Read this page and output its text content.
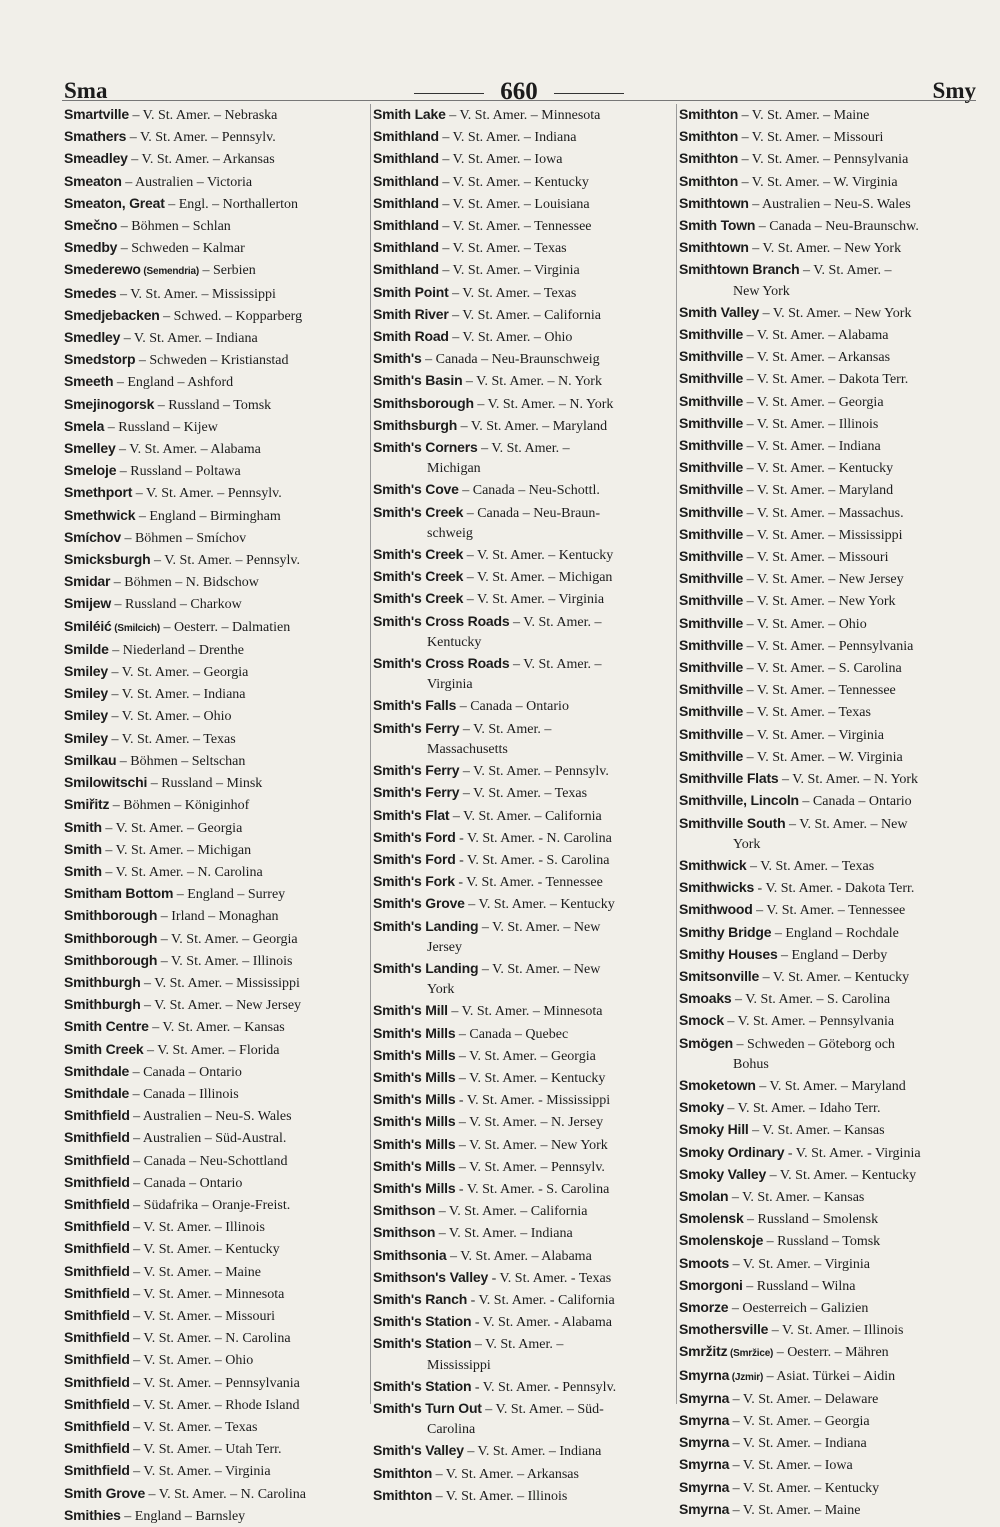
Sma	660	Smy
Smartville – V. St. Amer. – Nebraska
Smathers – V. St. Amer. – Pennsylv.
Smeadley – V. St. Amer. – Arkansas
Smeaton – Australien – Victoria
Smeaton, Great – Engl. – Northallerton
Smečno – Böhmen – Schlan
Smedby – Schweden – Kalmar
Smederewo (Semendria) – Serbien
Smedes – V. St. Amer. – Mississippi
Smedjebacken – Schwed. – Kopparberg
Smedley – V. St. Amer. – Indiana
Smedstorp – Schweden – Kristianstad
Smeeth – England – Ashford
Smejinogorsk – Russland – Tomsk
Smela – Russland – Kijew
Smelley – V. St. Amer. – Alabama
Smeloje – Russland – Poltawa
Smethport – V. St. Amer. – Pennsylv.
Smethwick – England – Birmingham
Smíchov – Böhmen – Smíchov
Smicksburgh – V. St. Amer. – Pennsylv.
Smidar – Böhmen – N. Bidschow
Smijew – Russland – Charkow
Smiléić (Smilcich) – Oesterr. – Dalmatien
Smilde – Niederland – Drenthe
Smiley – V. St. Amer. – Georgia
Smiley – V. St. Amer. – Indiana
Smiley – V. St. Amer. – Ohio
Smiley – V. St. Amer. – Texas
Smilkau – Böhmen – Seltschan
Smilowitschi – Russland – Minsk
Smiřitz – Böhmen – Königinhof
Smith – V. St. Amer. – Georgia
Smith – V. St. Amer. – Michigan
Smith – V. St. Amer. – N. Carolina
Smitham Bottom – England – Surrey
Smithborough – Irland – Monaghan
Smithborough – V. St. Amer. – Georgia
Smithborough – V. St. Amer. – Illinois
Smithburgh – V. St. Amer. – Mississippi
Smithburgh – V. St. Amer. – New Jersey
Smith Centre – V. St. Amer. – Kansas
Smith Creek – V. St. Amer. – Florida
Smithdale – Canada – Ontario
Smithdale – Canada – Illinois
Smithfield – Australien – Neu-S. Wales
Smithfield – Australien – Süd-Austral.
Smithfield – Canada – Neu-Schottland
Smithfield – Canada – Ontario
Smithfield – Südafrika – Oranje-Freist.
Smithfield – V. St. Amer. – Illinois
Smithfield – V. St. Amer. – Kentucky
Smithfield – V. St. Amer. – Maine
Smithfield – V. St. Amer. – Minnesota
Smithfield – V. St. Amer. – Missouri
Smithfield – V. St. Amer. – N. Carolina
Smithfield – V. St. Amer. – Ohio
Smithfield – V. St. Amer. – Pennsylvania
Smithfield – V. St. Amer. – Rhode Island
Smithfield – V. St. Amer. – Texas
Smithfield – V. St. Amer. – Utah Terr.
Smithfield – V. St. Amer. – Virginia
Smith Grove – V. St. Amer. – N. Carolina
Smithies – England – Barnsley
Smith Lake – V. St. Amer. – Minnesota
Smithland – V. St. Amer. – Indiana
Smithland – V. St. Amer. – Iowa
Smithland – V. St. Amer. – Kentucky
Smithland – V. St. Amer. – Louisiana
Smithland – V. St. Amer. – Tennessee
Smithland – V. St. Amer. – Texas
Smithland – V. St. Amer. – Virginia
Smith Point – V. St. Amer. – Texas
Smith River – V. St. Amer. – California
Smith Road – V. St. Amer. – Ohio
Smith's – Canada – Neu-Braunschweig
Smith's Basin – V. St. Amer. – N. York
Smithsborough – V. St. Amer. – N. York
Smithsburgh – V. St. Amer. – Maryland
Smith's Corners – V. St. Amer. –
Michigan
Smith's Cove – Canada – Neu-Schottl.
Smith's Creek – Canada – Neu-Braun-
schweig
Smith's Creek – V. St. Amer. – Kentucky
Smith's Creek – V. St. Amer. – Michigan
Smith's Creek – V. St. Amer. – Virginia
Smith's Cross Roads – V. St. Amer. –
Kentucky
Smith's Cross Roads – V. St. Amer. –
Virginia
Smith's Falls – Canada – Ontario
Smith's Ferry – V. St. Amer. –
Massachusetts
Smith's Ferry – V. St. Amer. – Pennsylv.
Smith's Ferry – V. St. Amer. – Texas
Smith's Flat – V. St. Amer. – California
Smith's Ford - V. St. Amer. - N. Carolina
Smith's Ford - V. St. Amer. - S. Carolina
Smith's Fork - V. St. Amer. - Tennessee
Smith's Grove – V. St. Amer. – Kentucky
Smith's Landing – V. St. Amer. – New
Jersey
Smith's Landing – V. St. Amer. – New
York
Smith's Mill – V. St. Amer. – Minnesota
Smith's Mills – Canada – Quebec
Smith's Mills – V. St. Amer. – Georgia
Smith's Mills – V. St. Amer. – Kentucky
Smith's Mills - V. St. Amer. - Mississippi
Smith's Mills – V. St. Amer. – N. Jersey
Smith's Mills – V. St. Amer. – New York
Smith's Mills – V. St. Amer. – Pennsylv.
Smith's Mills - V. St. Amer. - S. Carolina
Smithson – V. St. Amer. – California
Smithson – V. St. Amer. – Indiana
Smithsonia – V. St. Amer. – Alabama
Smithson's Valley - V. St. Amer. - Texas
Smith's Ranch - V. St. Amer. - California
Smith's Station - V. St. Amer. - Alabama
Smith's Station – V. St. Amer. –
Mississippi
Smith's Station - V. St. Amer. - Pennsylv.
Smith's Turn Out – V. St. Amer. – Süd-
Carolina
Smith's Valley – V. St. Amer. – Indiana
Smithton – V. St. Amer. – Arkansas
Smithton – V. St. Amer. – Illinois
Smithton – V. St. Amer. – Maine
Smithton – V. St. Amer. – Missouri
Smithton – V. St. Amer. – Pennsylvania
Smithton – V. St. Amer. – W. Virginia
Smithtown – Australien – Neu-S. Wales
Smith Town – Canada – Neu-Braunschw.
Smithtown – V. St. Amer. – New York
Smithtown Branch – V. St. Amer. –
New York
Smith Valley – V. St. Amer. – New York
Smithville – V. St. Amer. – Alabama
Smithville – V. St. Amer. – Arkansas
Smithville – V. St. Amer. – Dakota Terr.
Smithville – V. St. Amer. – Georgia
Smithville – V. St. Amer. – Illinois
Smithville – V. St. Amer. – Indiana
Smithville – V. St. Amer. – Kentucky
Smithville – V. St. Amer. – Maryland
Smithville – V. St. Amer. – Massachus.
Smithville – V. St. Amer. – Mississippi
Smithville – V. St. Amer. – Missouri
Smithville – V. St. Amer. – New Jersey
Smithville – V. St. Amer. – New York
Smithville – V. St. Amer. – Ohio
Smithville – V. St. Amer. – Pennsylvania
Smithville – V. St. Amer. – S. Carolina
Smithville – V. St. Amer. – Tennessee
Smithville – V. St. Amer. – Texas
Smithville – V. St. Amer. – Virginia
Smithville – V. St. Amer. – W. Virginia
Smithville Flats – V. St. Amer. – N. York
Smithville, Lincoln – Canada – Ontario
Smithville South – V. St. Amer. – New
York
Smithwick – V. St. Amer. – Texas
Smithwicks - V. St. Amer. - Dakota Terr.
Smithwood – V. St. Amer. – Tennessee
Smithy Bridge – England – Rochdale
Smithy Houses – England – Derby
Smitsonville – V. St. Amer. – Kentucky
Smoaks – V. St. Amer. – S. Carolina
Smock – V. St. Amer. – Pennsylvania
Smögen – Schweden – Göteborg och
Bohus
Smoketown – V. St. Amer. – Maryland
Smoky – V. St. Amer. – Idaho Terr.
Smoky Hill – V. St. Amer. – Kansas
Smoky Ordinary - V. St. Amer. - Virginia
Smoky Valley – V. St. Amer. – Kentucky
Smolan – V. St. Amer. – Kansas
Smolensk – Russland – Smolensk
Smolenskoje – Russland – Tomsk
Smoots – V. St. Amer. – Virginia
Smorgoni – Russland – Wilna
Smorze – Oesterreich – Galizien
Smothersville – V. St. Amer. – Illinois
Smržitz (Smržice) – Oesterr. – Mähren
Smyrna (Jzmir) – Asiat. Türkei – Aidin
Smyrna – V. St. Amer. – Delaware
Smyrna – V. St. Amer. – Georgia
Smyrna – V. St. Amer. – Indiana
Smyrna – V. St. Amer. – Iowa
Smyrna – V. St. Amer. – Kentucky
Smyrna – V. St. Amer. – Maine
